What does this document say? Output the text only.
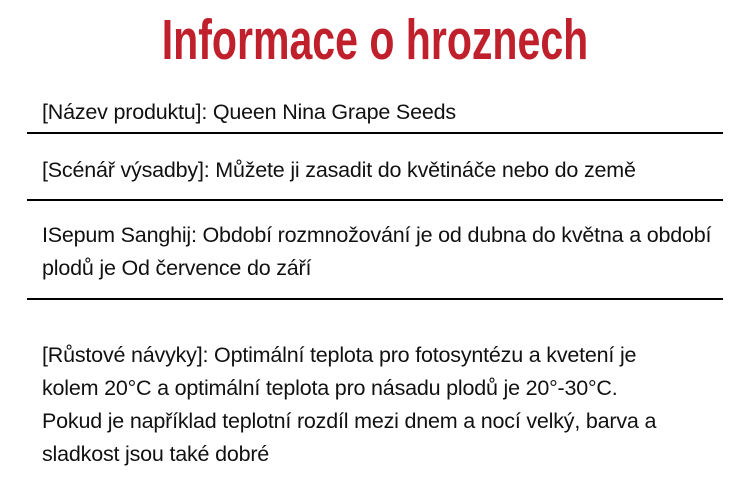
Informace o hroznech
[Název produktu]: Queen Nina Grape Seeds
[Scénář výsadby]: Můžete ji zasadit do květináče nebo do země
ISepum Sanghij: Období rozmnožování je od dubna do května a období
plodů je Od července do září
[Růstové návyky]: Optimální teplota pro fotosyntézu a kvetení je
kolem 20°C a optimální teplota pro násadu plodů je 20°-30°C.
Pokud je například teplotní rozdíl mezi dnem a nocí velký, barva a
sladkost jsou také dobré
